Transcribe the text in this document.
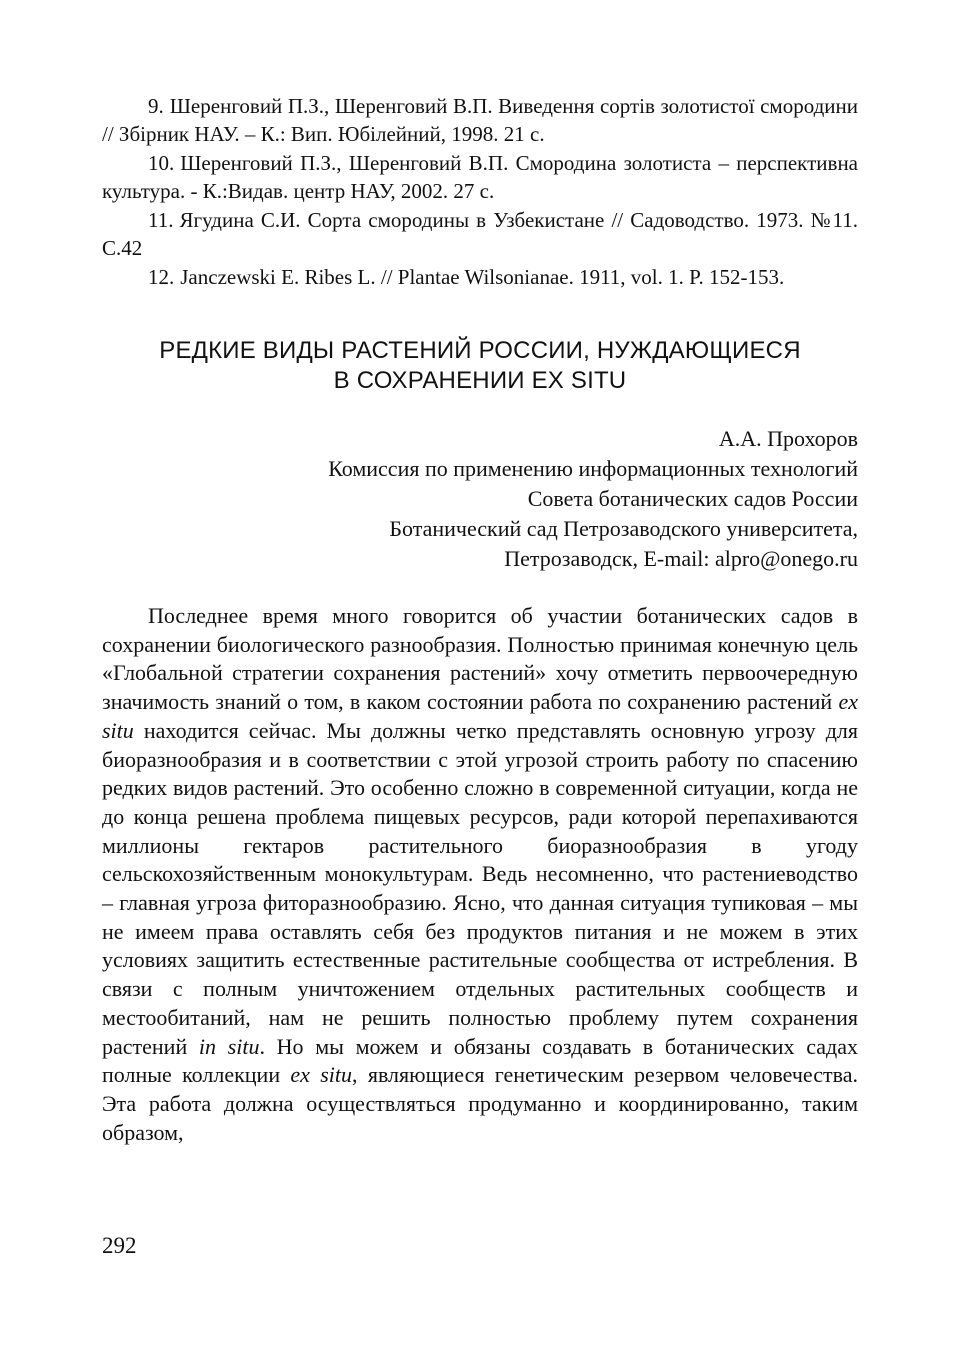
9. Шеренговий П.З., Шеренговий В.П. Виведення сортів золотистої смородини // Збірник НАУ. – К.: Вип. Юбілейний, 1998. 21 с.

10. Шеренговий П.З., Шеренговий В.П. Смородина золотиста – перспективна культура. - К.:Видав. центр НАУ, 2002. 27 с.

11. Ягудина С.И. Сорта смородины в Узбекистане // Садоводство. 1973. №11. С.42

12. Janczewski E. Ribes L. // Plantae Wilsonianae. 1911, vol. 1. P. 152-153.

РЕДКИЕ ВИДЫ РАСТЕНИЙ РОССИИ, НУЖДАЮЩИЕСЯ
В СОХРАНЕНИИ EX SITU
А.А. Прохоров
Комиссия по применению информационных технологий
Совета ботанических садов России
Ботанический сад Петрозаводского университета,
Петрозаводск, E-mail: alpro@onego.ru

Последнее время много говорится об участии ботанических садов в сохранении биологического разнообразия. Полностью принимая конечную цель «Глобальной стратегии сохранения растений» хочу отметить первоочередную значимость знаний о том, в каком состоянии работа по сохранению растений ex situ находится сейчас. Мы должны четко представлять основную угрозу для биоразнообразия и в соответствии с этой угрозой строить работу по спасению редких видов растений. Это особенно сложно в современной ситуации, когда не до конца решена проблема пищевых ресурсов, ради которой перепахиваются миллионы гектаров растительного биоразнообразия в угоду сельскохозяйственным монокультурам. Ведь несомненно, что растениеводство – главная угроза фиторазнообразию. Ясно, что данная ситуация тупиковая – мы не имеем права оставлять себя без продуктов питания и не можем в этих условиях защитить естественные растительные сообщества от истребления. В связи с полным уничтожением отдельных растительных сообществ и местообитаний, нам не решить полностью проблему путем сохранения растений in situ. Но мы можем и обязаны создавать в ботанических садах полные коллекции ex situ, являющиеся генетическим резервом человечества. Эта работа должна осуществляться продуманно и координированно, таким образом,

292
